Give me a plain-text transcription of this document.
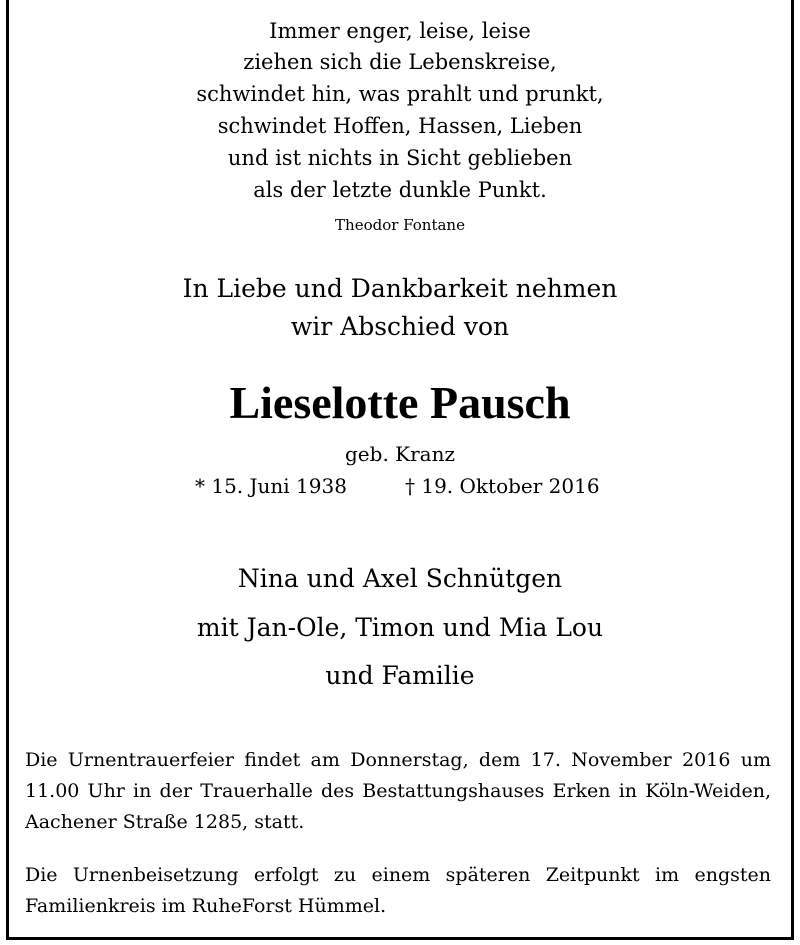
Immer enger, leise, leise
ziehen sich die Lebenskreise,
schwindet hin, was prahlt und prunkt,
schwindet Hoffen, Hassen, Lieben
und ist nichts in Sicht geblieben
als der letzte dunkle Punkt.
Theodor Fontane
In Liebe und Dankbarkeit nehmen
wir Abschied von
Lieselotte Pausch
geb. Kranz
* 15. Juni 1938	† 19. Oktober 2016
Nina und Axel Schnütgen
mit Jan-Ole, Timon und Mia Lou
und Familie
Die Urnentrauerfeier findet am Donnerstag, dem 17. November 2016 um 11.00 Uhr in der Trauerhalle des Bestattungshauses Erken in Köln-Weiden, Aachener Straße 1285, statt.
Die Urnenbeisetzung erfolgt zu einem späteren Zeitpunkt im engsten Familienkreis im RuheForst Hümmel.
